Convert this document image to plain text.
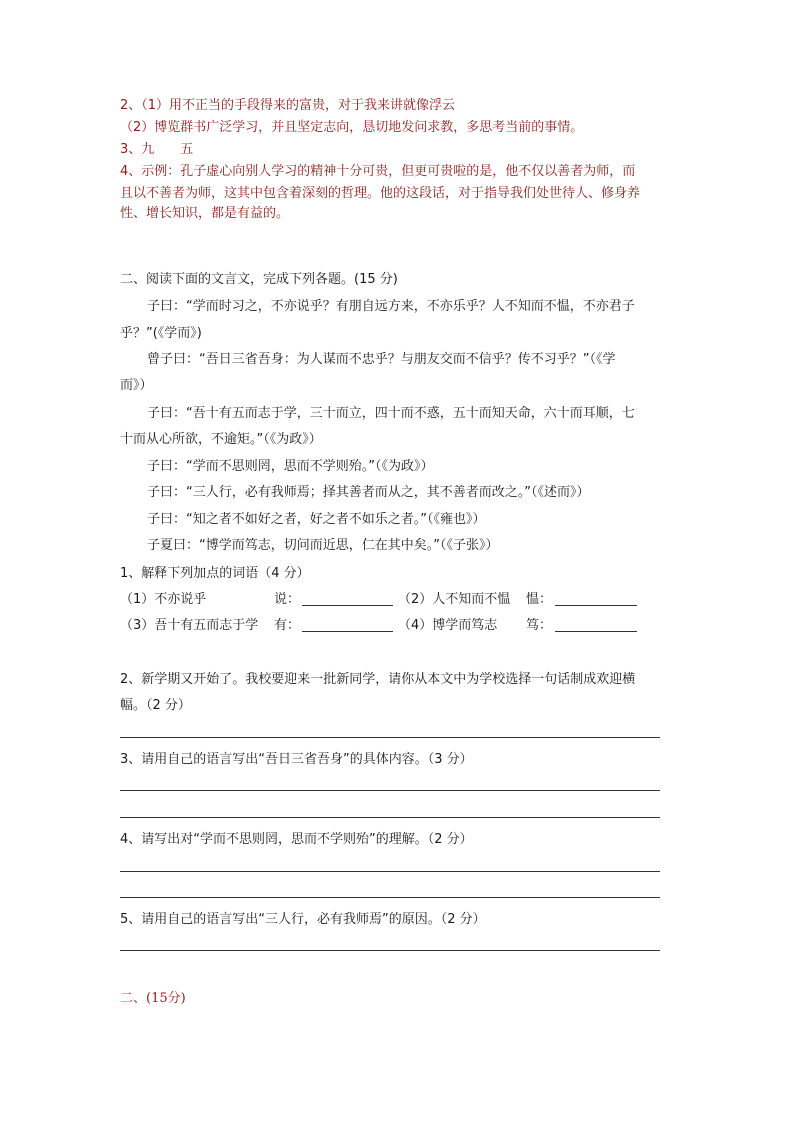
2、（1）用不正当的手段得来的富贵，对于我来讲就像浮云
（2）博览群书广泛学习，并且坚定志向，恳切地发问求教，多思考当前的事情。
3、九　　五
4、示例：孔子虚心向别人学习的精神十分可贵，但更可贵啦的是，他不仅以善者为师，而
且以不善者为师，这其中包含着深刻的哲理。他的这段话，对于指导我们处世待人、修身养
性、增长知识，都是有益的。
二、阅读下面的文言文，完成下列各题。(15 分)
子曰：“学而时习之，不亦说乎？有朋自远方来，不亦乐乎？人不知而不愠，不亦君子
乎？”(《学而》)
曾子曰：“吾日三省吾身：为人谋而不忠乎？与朋友交而不信乎？传不习乎？”（《学
而》）
子曰：“吾十有五而志于学，三十而立，四十而不惑，五十而知天命，六十而耳顺，七
十而从心所欲，不逾矩。”（《为政》）
子曰：“学而不思则罔，思而不学则殆。”（《为政》）
子曰：“三人行，必有我师焉；择其善者而从之，其不善者而改之。”（《述而》）
子曰：“知之者不如好之者，好之者不如乐之者。”（《雍也》）
子夏曰：“博学而笃志，切问而近思，仁在其中矣。”（《子张》）
1、解释下列加点的词语（4 分）
（1）不亦说乎	说：	（2）人不知而不愠 愠：
（3）吾十有五而志于学 有：	（4）博学而笃志 笃：
2、新学期又开始了。我校要迎来一批新同学，请你从本文中为学校选择一句话制成欢迎横
幅。（2 分）
3、请用自己的语言写出“吾日三省吾身”的具体内容。（3 分）
4、请写出对“学而不思则罔，思而不学则殆”的理解。（2 分）
5、请用自己的语言写出“三人行，必有我师焉”的原因。（2 分）
二、(15分)
